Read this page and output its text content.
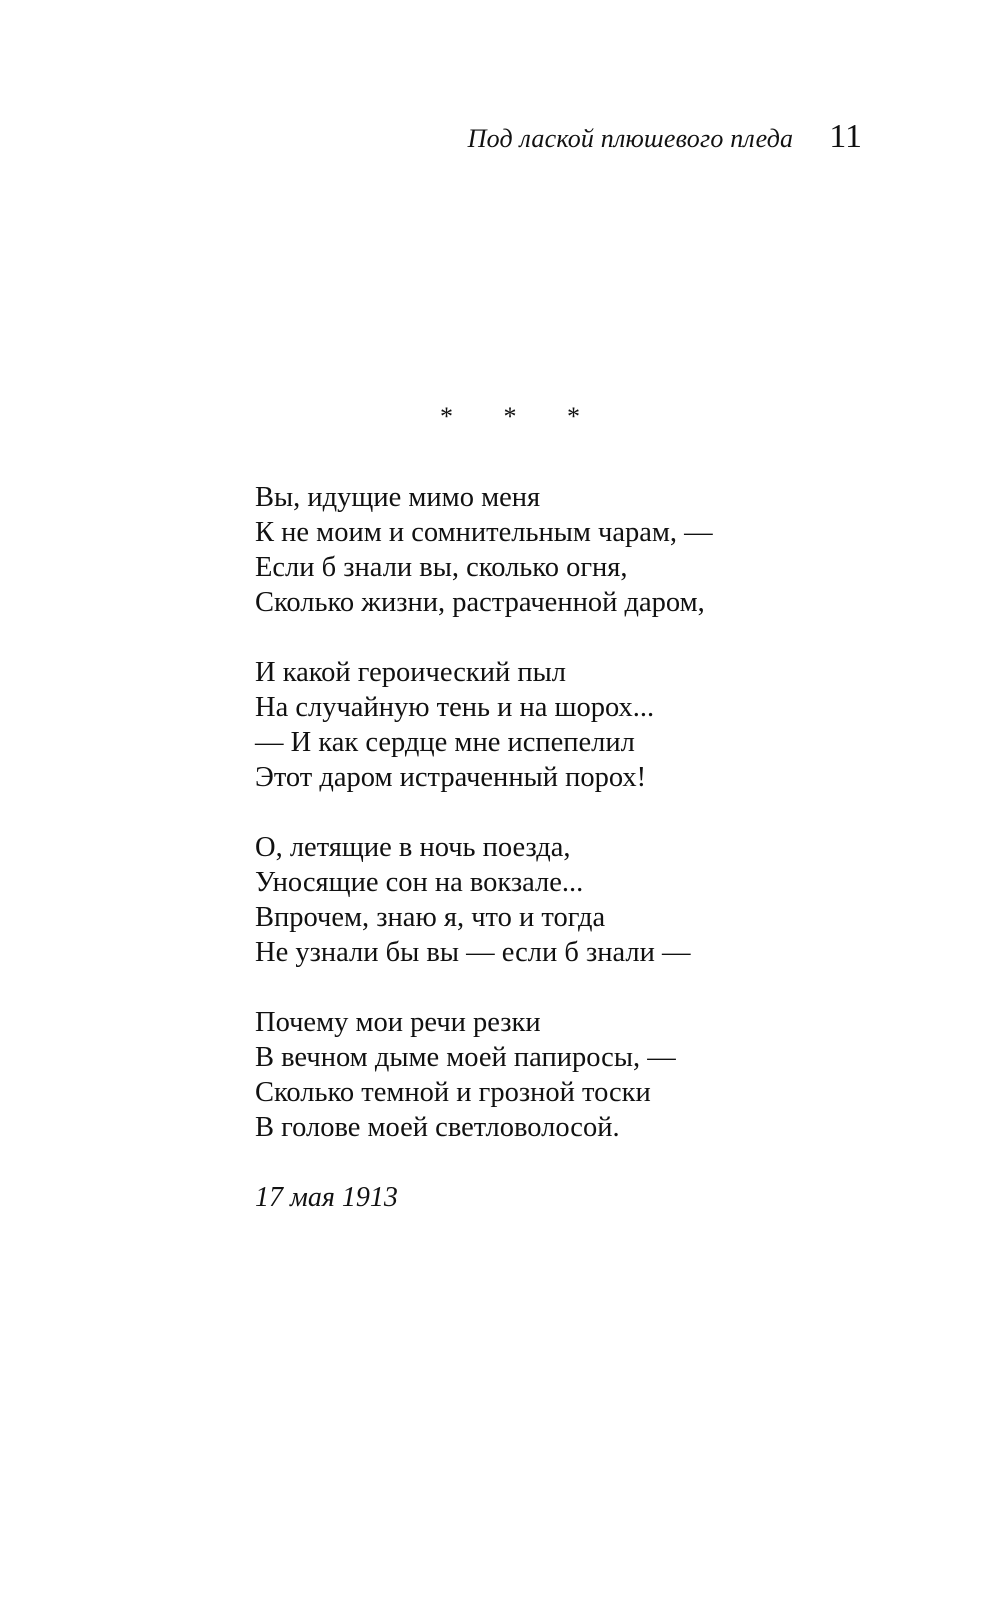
Под лаской плюшевого пледа 11
* * *
Вы, идущие мимо меня
К не моим и сомнительным чарам, —
Если б знали вы, сколько огня,
Сколько жизни, растраченной даром,
И какой героический пыл
На случайную тень и на шорох...
— И как сердце мне испепелил
Этот даром истраченный порох!
О, летящие в ночь поезда,
Уносящие сон на вокзале...
Впрочем, знаю я, что и тогда
Не узнали бы вы — если б знали —
Почему мои речи резки
В вечном дыме моей папиросы, —
Сколько темной и грозной тоски
В голове моей светловолосой.
17 мая 1913
